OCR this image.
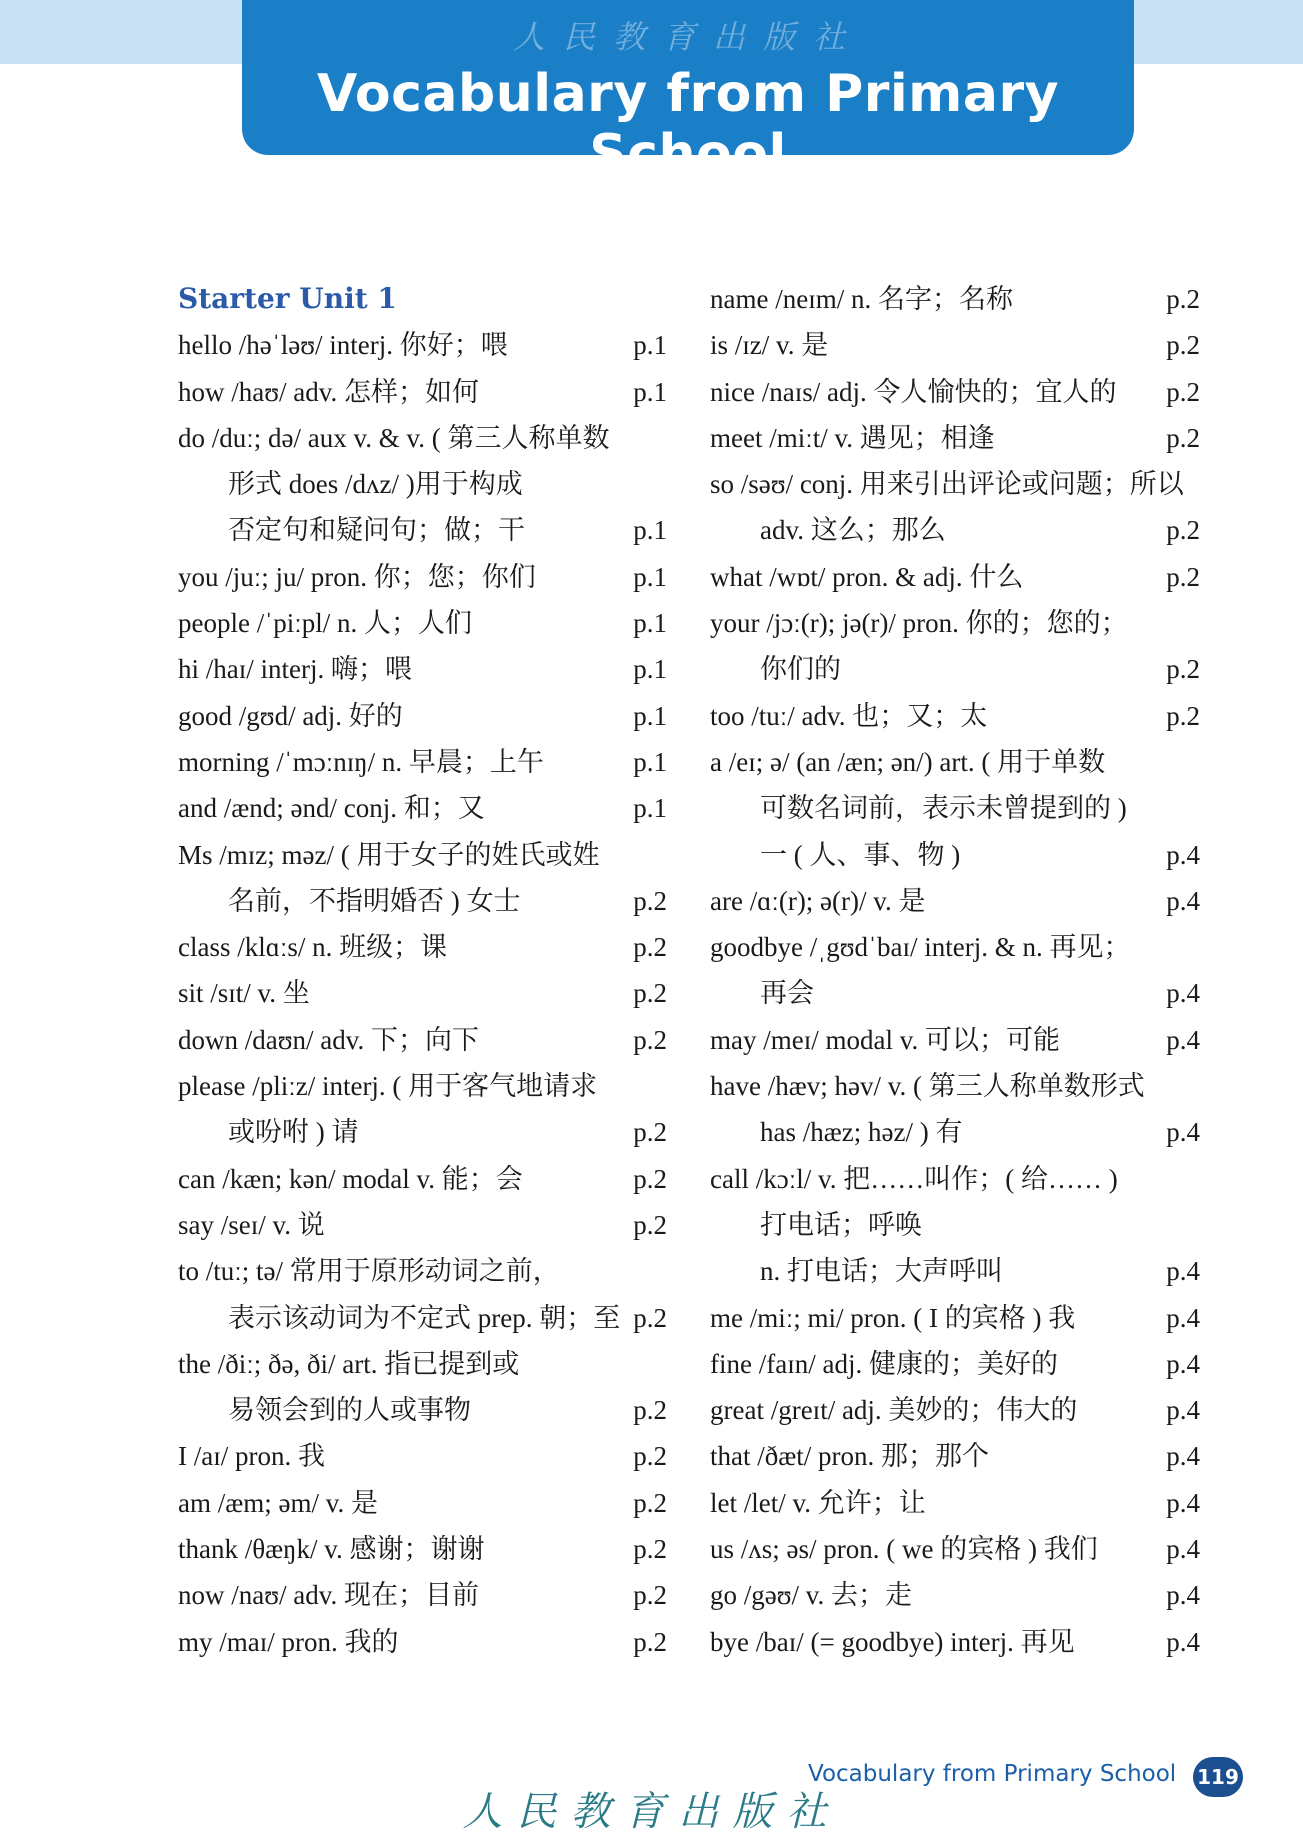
人民教育出版社
Vocabulary from Primary School
Starter Unit 1
hello /həˈləʊ/ interj. 你好；喂	p.1
how /haʊ/ adv. 怎样；如何	p.1
do /duː; də/ aux v. & v. ( 第三人称单数
形式 does /dʌz/ )用于构成
否定句和疑问句；做；干	p.1
you /juː; ju/ pron. 你；您；你们	p.1
people /ˈpiːpl/ n. 人；人们	p.1
hi /haɪ/ interj. 嗨；喂	p.1
good /gʊd/ adj. 好的	p.1
morning /ˈmɔːnɪŋ/ n. 早晨；上午	p.1
and /ænd; ənd/ conj. 和；又	p.1
Ms /mɪz; məz/ ( 用于女子的姓氏或姓
名前，不指明婚否 ) 女士	p.2
class /klɑːs/ n. 班级；课	p.2
sit /sɪt/ v. 坐	p.2
down /daʊn/ adv. 下；向下	p.2
please /pliːz/ interj. ( 用于客气地请求
或吩咐 ) 请	p.2
can /kæn; kən/ modal v. 能；会	p.2
say /seɪ/ v. 说	p.2
to /tuː; tə/ 常用于原形动词之前，
表示该动词为不定式 prep. 朝；至 p.2
the /ðiː; ðə, ði/ art. 指已提到或
易领会到的人或事物	p.2
I /aɪ/ pron. 我	p.2
am /æm; əm/ v. 是	p.2
thank /θæŋk/ v. 感谢；谢谢	p.2
now /naʊ/ adv. 现在；目前	p.2
my /maɪ/ pron. 我的	p.2
name /neɪm/ n. 名字；名称	p.2
is /ɪz/ v. 是	p.2
nice /naɪs/ adj. 令人愉快的；宜人的 p.2
meet /miːt/ v. 遇见；相逢	p.2
so /səʊ/ conj. 用来引出评论或问题；所以
adv. 这么；那么	p.2
what /wɒt/ pron. & adj. 什么	p.2
your /jɔː(r); jə(r)/ pron. 你的；您的；
你们的	p.2
too /tuː/ adv. 也；又；太	p.2
a /eɪ; ə/ (an /æn; ən/) art. ( 用于单数
可数名词前，表示未曾提到的 )
一 ( 人、事、物 )	p.4
are /ɑː(r); ə(r)/ v. 是	p.4
goodbye /ˌgʊdˈbaɪ/ interj. & n. 再见；
再会	p.4
may /meɪ/ modal v. 可以；可能	p.4
have /hæv; həv/ v. ( 第三人称单数形式
has /hæz; həz/ ) 有	p.4
call /kɔːl/ v. 把……叫作；( 给…… )
打电话；呼唤
n. 打电话；大声呼叫	p.4
me /miː; mi/ pron. ( I 的宾格 ) 我	p.4
fine /faɪn/ adj. 健康的；美好的	p.4
great /greɪt/ adj. 美妙的；伟大的	p.4
that /ðæt/ pron. 那；那个	p.4
let /let/ v. 允许；让	p.4
us /ʌs; əs/ pron. ( we 的宾格 ) 我们	p.4
go /gəʊ/ v. 去；走	p.4
bye /baɪ/ (= goodbye) interj. 再见	p.4
Vocabulary from Primary School 119
人民教育出版社
